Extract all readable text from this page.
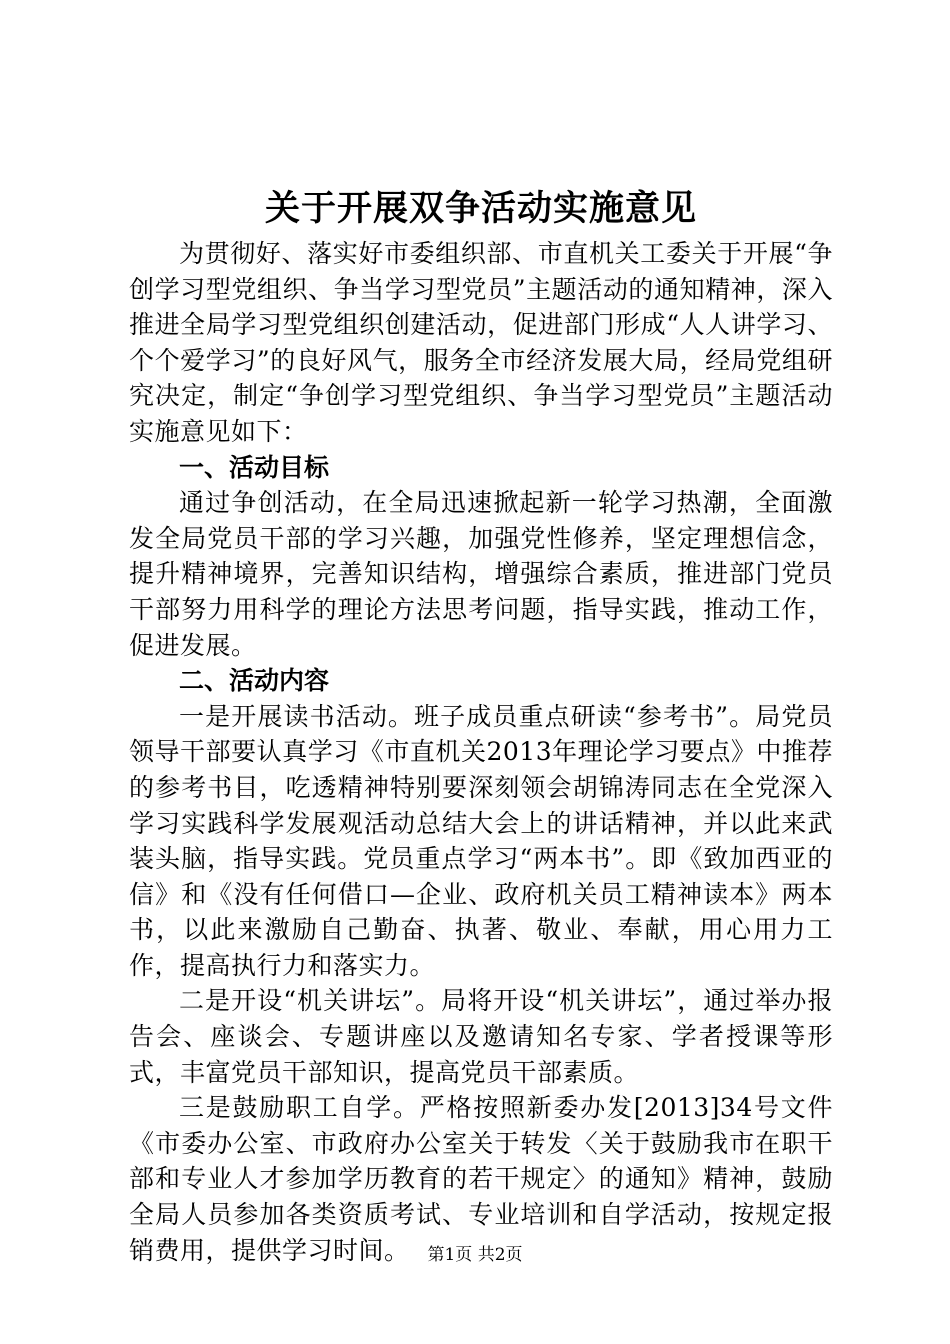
关于开展双争活动实施意见

为贯彻好、落实好市委组织部、市直机关工委关于开展“争创学习型党组织、争当学习型党员”主题活动的通知精神，深入推进全局学习型党组织创建活动，促进部门形成“人人讲学习、个个爱学习”的良好风气，服务全市经济发展大局，经局党组研究决定，制定“争创学习型党组织、争当学习型党员”主题活动实施意见如下：

一、活动目标

通过争创活动，在全局迅速掀起新一轮学习热潮，全面激发全局党员干部的学习兴趣，加强党性修养，坚定理想信念，提升精神境界，完善知识结构，增强综合素质，推进部门党员干部努力用科学的理论方法思考问题，指导实践，推动工作，促进发展。

二、活动内容

一是开展读书活动。班子成员重点研读“参考书”。局党员领导干部要认真学习《市直机关2013年理论学习要点》中推荐的参考书目，吃透精神特别要深刻领会胡锦涛同志在全党深入学习实践科学发展观活动总结大会上的讲话精神，并以此来武装头脑，指导实践。党员重点学习“两本书”。即《致加西亚的信》和《没有任何借口—企业、政府机关员工精神读本》两本书，以此来激励自己勤奋、执著、敬业、奉献，用心用力工作，提高执行力和落实力。

二是开设“机关讲坛”。局将开设“机关讲坛”，通过举办报告会、座谈会、专题讲座以及邀请知名专家、学者授课等形式，丰富党员干部知识，提高党员干部素质。

三是鼓励职工自学。严格按照新委办发[2013]34号文件《市委办公室、市政府办公室关于转发〈关于鼓励我市在职干部和专业人才参加学历教育的若干规定〉的通知》精神，鼓励全局人员参加各类资质考试、专业培训和自学活动，按规定报销费用，提供学习时间。	第1页 共2页
